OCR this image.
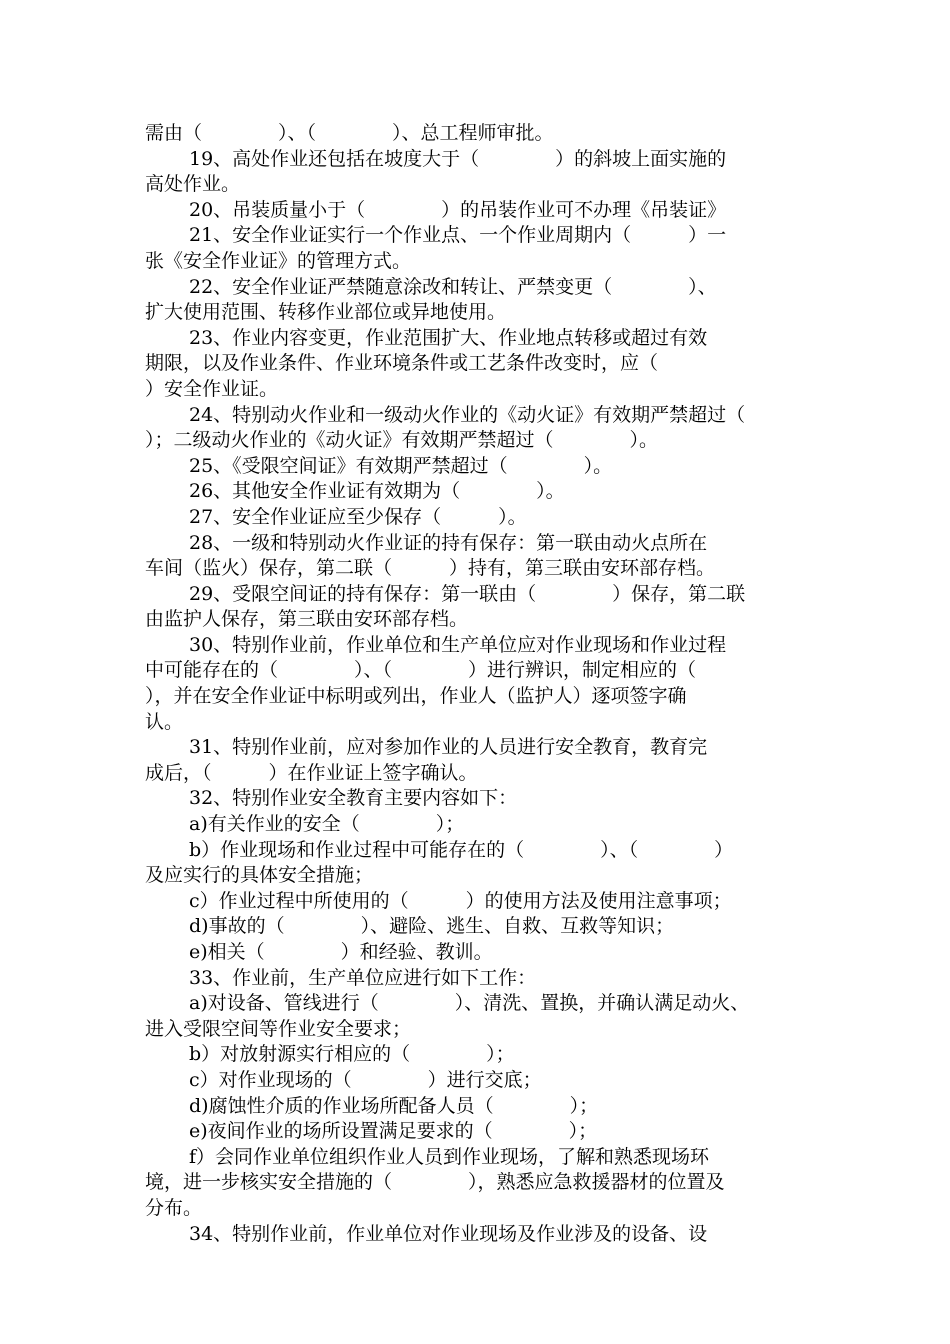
需由（　　　　）、（　　　　）、总工程师审批。
19、高处作业还包括在坡度大于（　　　　）的斜坡上面实施的
高处作业。
20、吊装质量小于（　　　　）的吊装作业可不办理《吊装证》
21、安全作业证实行一个作业点、一个作业周期内（　　　）一
张《安全作业证》的管理方式。
22、安全作业证严禁随意涂改和转让、严禁变更（　　　　）、
扩大使用范围、转移作业部位或异地使用。
23、作业内容变更，作业范围扩大、作业地点转移或超过有效
期限，以及作业条件、作业环境条件或工艺条件改变时，应（
）安全作业证。
24、特别动火作业和一级动火作业的《动火证》有效期严禁超过（
）；二级动火作业的《动火证》有效期严禁超过（　　　　）。
25、《受限空间证》有效期严禁超过（　　　　）。
26、其他安全作业证有效期为（　　　　）。
27、安全作业证应至少保存（　　　）。
28、一级和特别动火作业证的持有保存：第一联由动火点所在
车间（监火）保存，第二联（　　　）持有，第三联由安环部存档。
29、受限空间证的持有保存：第一联由（　　　　）保存，第二联
由监护人保存，第三联由安环部存档。
30、特别作业前，作业单位和生产单位应对作业现场和作业过程
中可能存在的（　　　　）、（　　　　）进行辨识，制定相应的（
），并在安全作业证中标明或列出，作业人（监护人）逐项签字确
认。
31、特别作业前，应对参加作业的人员进行安全教育，教育完
成后，（　　　）在作业证上签字确认。
32、特别作业安全教育主要内容如下：
a)有关作业的安全（　　　　）；
b）作业现场和作业过程中可能存在的（　　　　）、（　　　　）
及应实行的具体安全措施；
c）作业过程中所使用的（　　　）的使用方法及使用注意事项；
d)事故的（　　　　）、避险、逃生、自救、互救等知识；
e)相关（　　　　）和经验、教训。
33、作业前，生产单位应进行如下工作：
a)对设备、管线进行（　　　　）、清洗、置换，并确认满足动火、
进入受限空间等作业安全要求；
b）对放射源实行相应的（　　　　）；
c）对作业现场的（　　　　）进行交底；
d)腐蚀性介质的作业场所配备人员（　　　　）；
e)夜间作业的场所设置满足要求的（　　　　）；
f）会同作业单位组织作业人员到作业现场，了解和熟悉现场环
境，进一步核实安全措施的（　　　　），熟悉应急救援器材的位置及
分布。
34、特别作业前，作业单位对作业现场及作业涉及的设备、设
